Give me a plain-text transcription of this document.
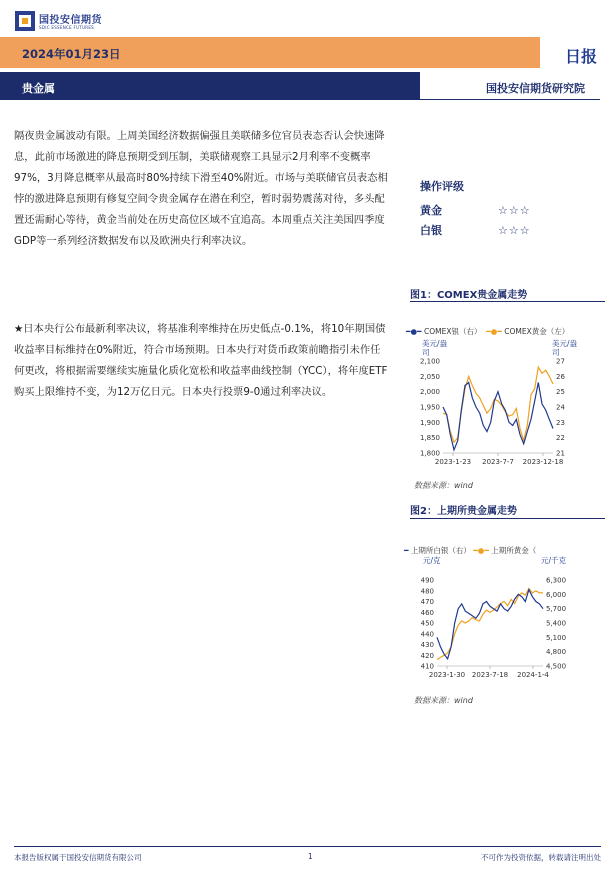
国投安信期货
SDIC ESSENCE FUTURES
2024年01月23日	日报
贵金属	国投安信期货研究院
隔夜贵金属波动有限。上周美国经济数据偏强且美联储多位官员表态否认会快速降息，此前市场激进的降息预期受到压制，美联储观察工具显示2月利率不变概率97%，3月降息概率从最高时80%持续下滑至40%附近。市场与美联储官员表态相悖的激进降息预期有修复空间令贵金属存在潜在利空，暂时弱势震荡对待，多头配置还需耐心等待，黄金当前处在历史高位区域不宜追高。本周重点关注美国四季度GDP等一系列经济数据发布以及欧洲央行利率决议。
★日本央行公布最新利率决议，将基准利率维持在历史低点-0.1%，将10年期国债收益率目标维持在0%附近，符合市场预期。日本央行对货币政策前瞻指引未作任何更改，将根据需要继续实施量化质化宽松和收益率曲线控制（YCC），将年度ETF购买上限维持不变，为12万亿日元。日本央行投票9-0通过利率决议。
操作评级
黄金	☆☆☆
白银	☆☆☆
图1：COMEX贵金属走势
━●━ COMEX银（右） ━●━ COMEX黄金（左）
美元/盎司
美元/盎司
2,100
2,050
2,000
1,950
1,900
1,850
1,800
27
26
25
24
23
22
21
2023-1-23 2023-7-7 2023-12-18
数据来源：wind
图2：上期所贵金属走势
━ 上期所白银（右） ━●━ 上期所黄金（
元/克	元/千克
490
480
470
460
450
440
430
420
410
6,300
6,000
5,700
5,400
5,100
4,800
4,500
2023-1-30 2023-7-18 2024-1-4
数据来源：wind
本报告版权属于国投安信期货有限公司	1	不可作为投资依据，转载请注明出处
